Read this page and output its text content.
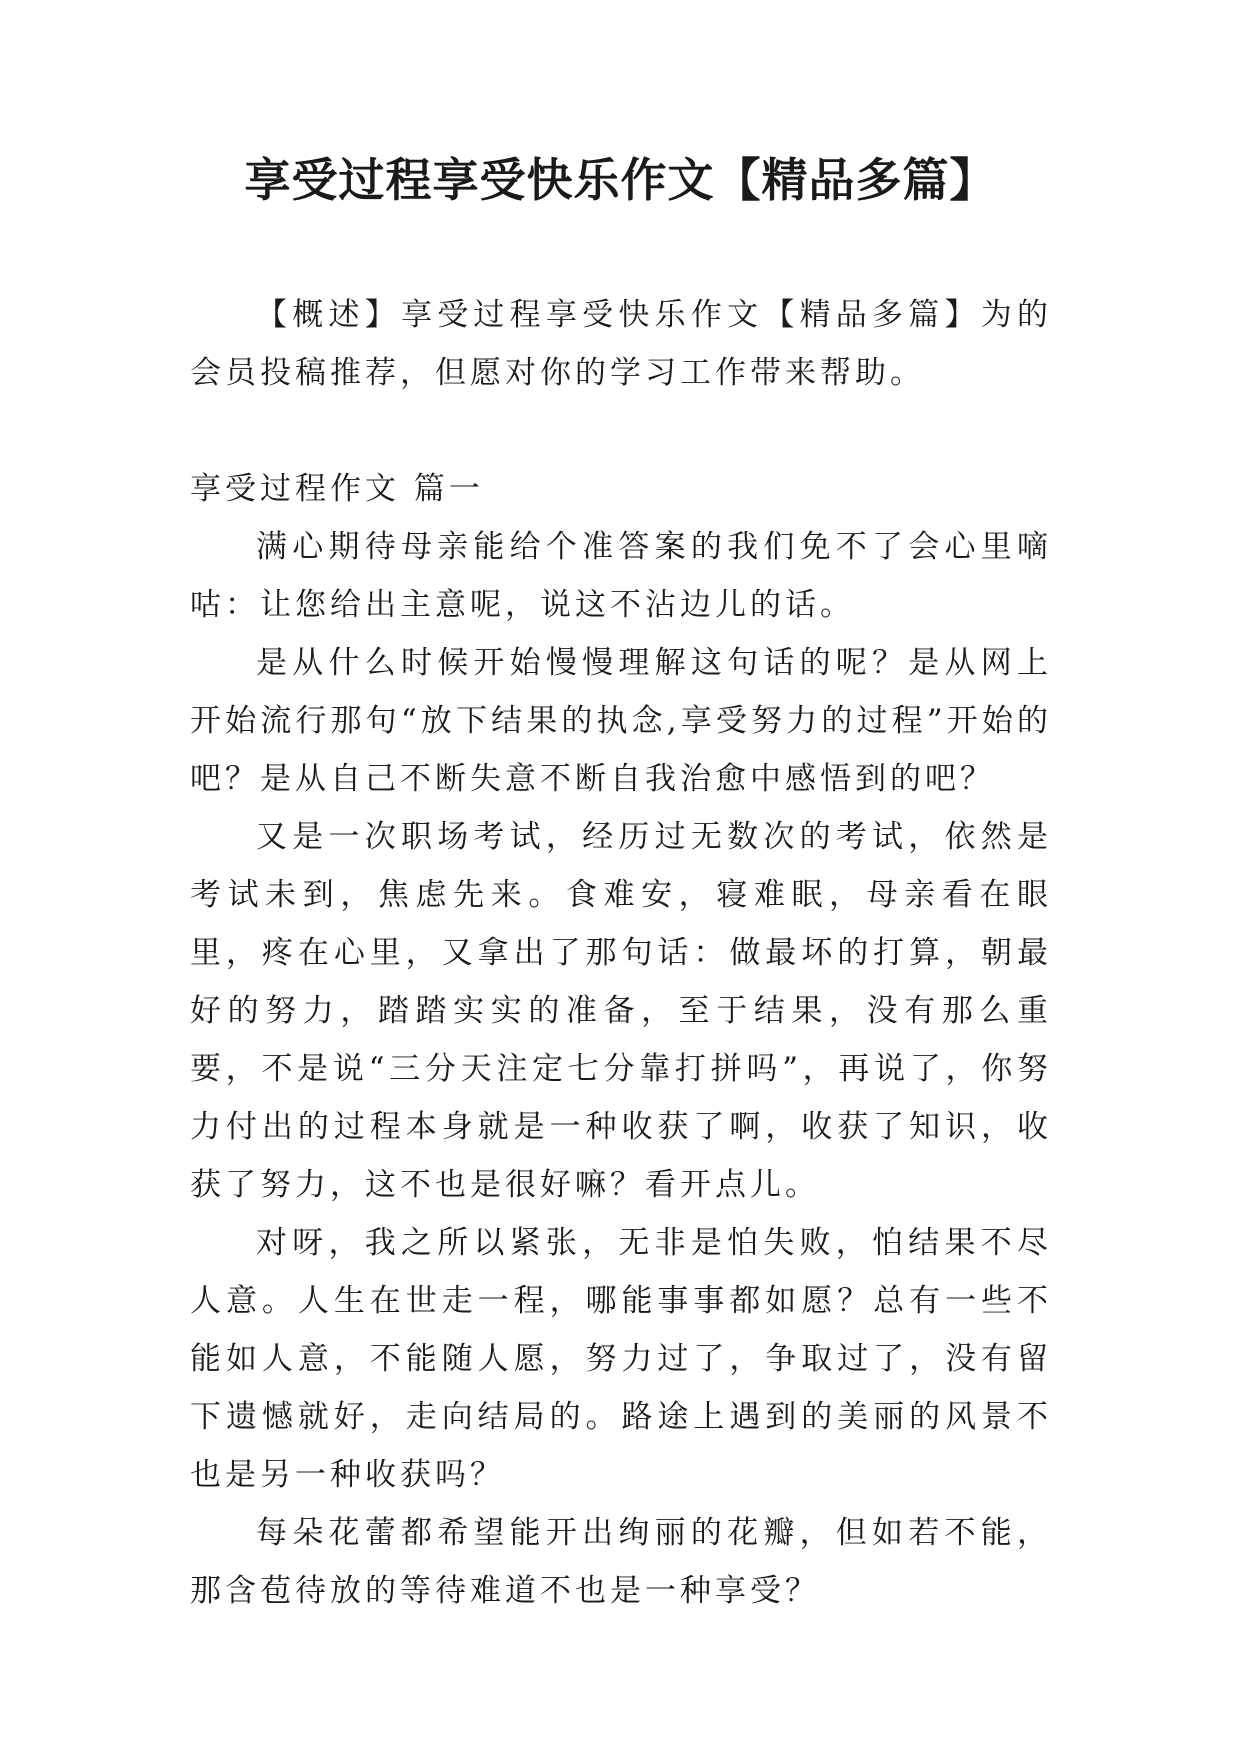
享受过程享受快乐作文【精品多篇】

【概述】享受过程享受快乐作文【精品多篇】为的会员投稿推荐，但愿对你的学习工作带来帮助。

享受过程作文 篇一

满心期待母亲能给个准答案的我们免不了会心里嘀咕：让您给出主意呢，说这不沾边儿的话。

是从什么时候开始慢慢理解这句话的呢？是从网上开始流行那句“放下结果的执念,享受努力的过程”开始的吧？是从自己不断失意不断自我治愈中感悟到的吧？

又是一次职场考试，经历过无数次的考试，依然是考试未到，焦虑先来。食难安，寝难眠，母亲看在眼里，疼在心里，又拿出了那句话：做最坏的打算，朝最好的努力，踏踏实实的准备，至于结果，没有那么重要，不是说“三分天注定七分靠打拼吗”，再说了，你努力付出的过程本身就是一种收获了啊，收获了知识，收获了努力，这不也是很好嘛？看开点儿。

对呀，我之所以紧张，无非是怕失败，怕结果不尽人意。人生在世走一程，哪能事事都如愿？总有一些不能如人意，不能随人愿，努力过了，争取过了，没有留下遗憾就好，走向结局的。路途上遇到的美丽的风景不也是另一种收获吗？

每朵花蕾都希望能开出绚丽的花瓣，但如若不能，那含苞待放的等待难道不也是一种享受？
